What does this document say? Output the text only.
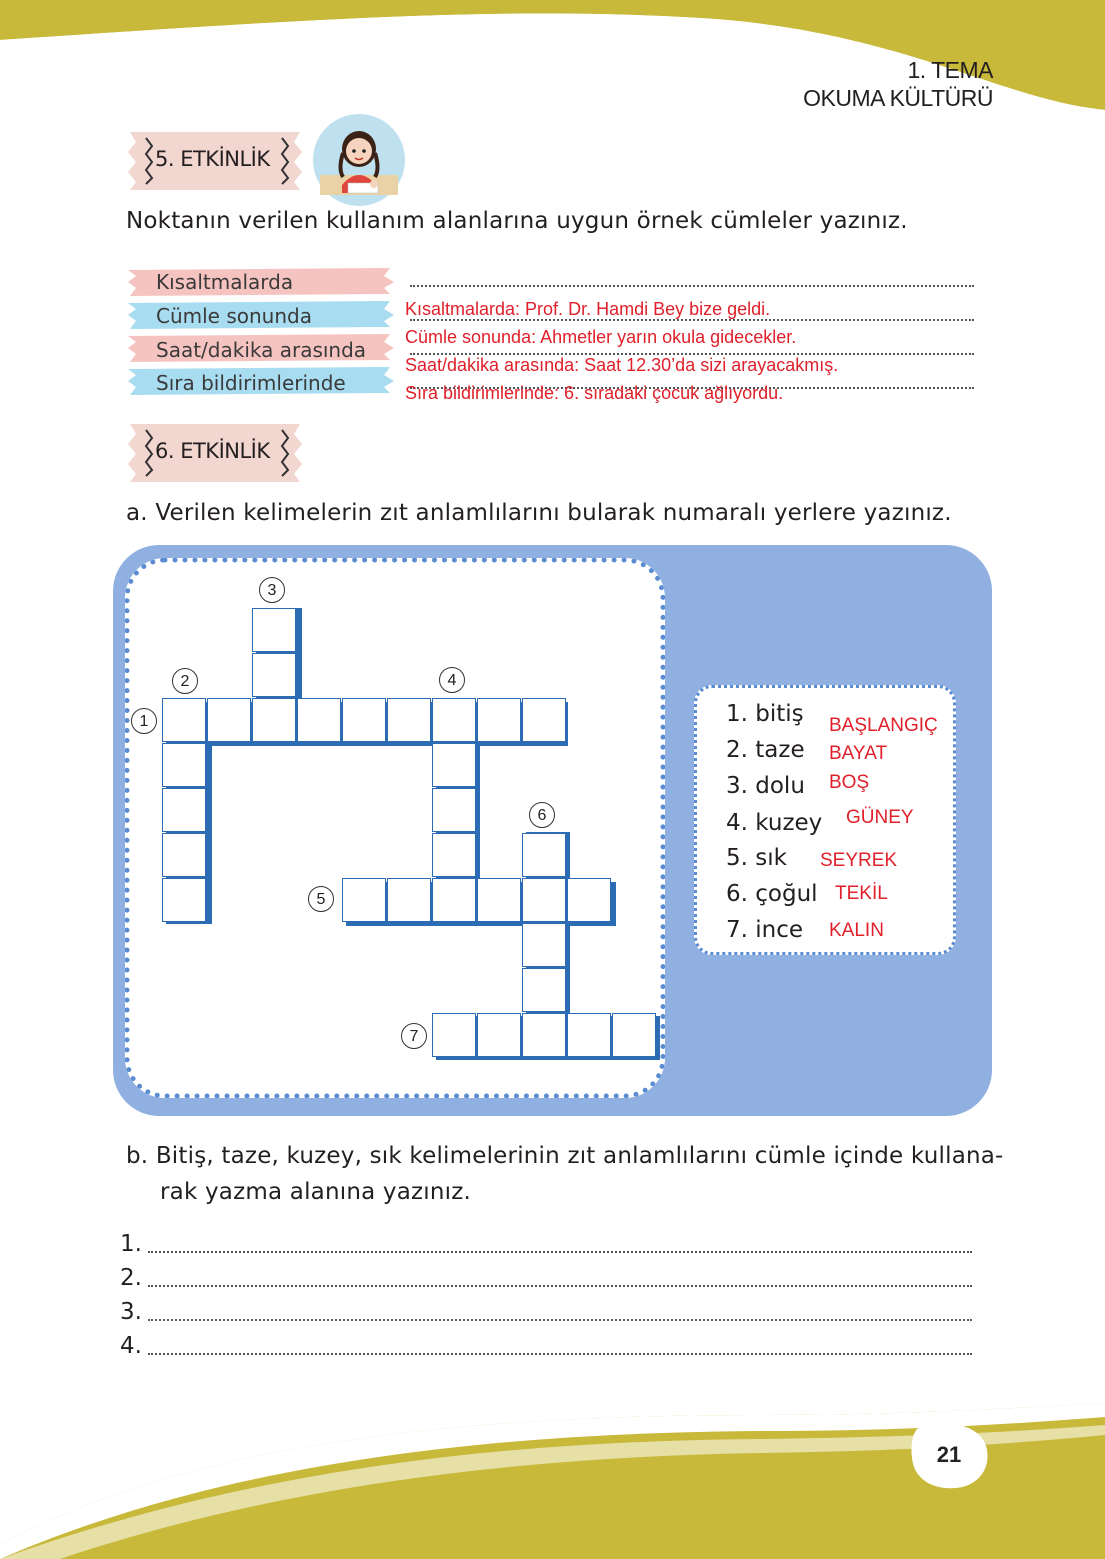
1. TEMA
OKUMA KÜLTÜRÜ
5. ETKİNLİK
Noktanın verilen kullanım alanlarına uygun örnek cümleler yazınız.
Kısaltmalarda
Cümle sonunda
Saat/dakika arasında
Sıra bildirimlerinde
Kısaltmalarda: Prof. Dr. Hamdi Bey bize geldi.
Cümle sonunda: Ahmetler yarın okula gidecekler.
Saat/dakika arasında: Saat 12.30’da sizi arayacakmış.
Sıra bildirimlerinde: 6. sıradaki çocuk ağlıyordu.
6. ETKİNLİK
a. Verilen kelimelerin zıt anlamlılarını bularak numaralı yerlere yazınız.
1
2
3
4
5
6
7
1. bitiş
2. taze
3. dolu
4. kuzey
5. sık
6. çoğul
7. ince
BAŞLANGIÇ
BAYAT
BOŞ
GÜNEY
SEYREK
TEKİL
KALIN
b. Bitiş, taze, kuzey, sık kelimelerinin zıt anlamlılarını cümle içinde kullana-
rak yazma alanına yazınız.
1.
2.
3.
4.
21
